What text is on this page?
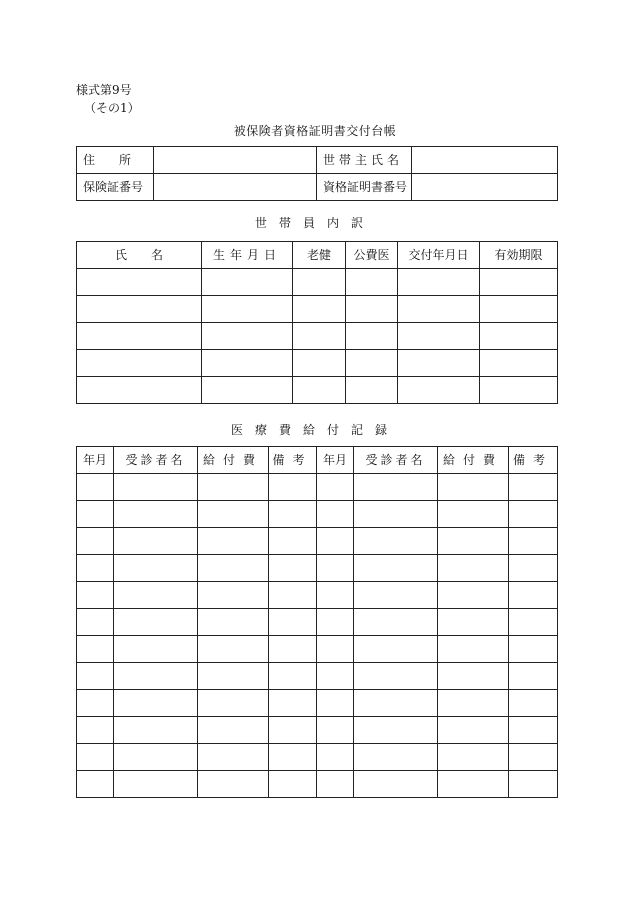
様式第9号
（その1）
被保険者資格証明書交付台帳
住　　所		世帯主氏名	

保険証番号		資格証明書番号	

世帯員内訳
氏　　名	生年月日	老健	公費医	交付年月日	有効期限

医療費給付記録
年月	受診者名	給付費	備考	年月	受診者名	給付費	備考
